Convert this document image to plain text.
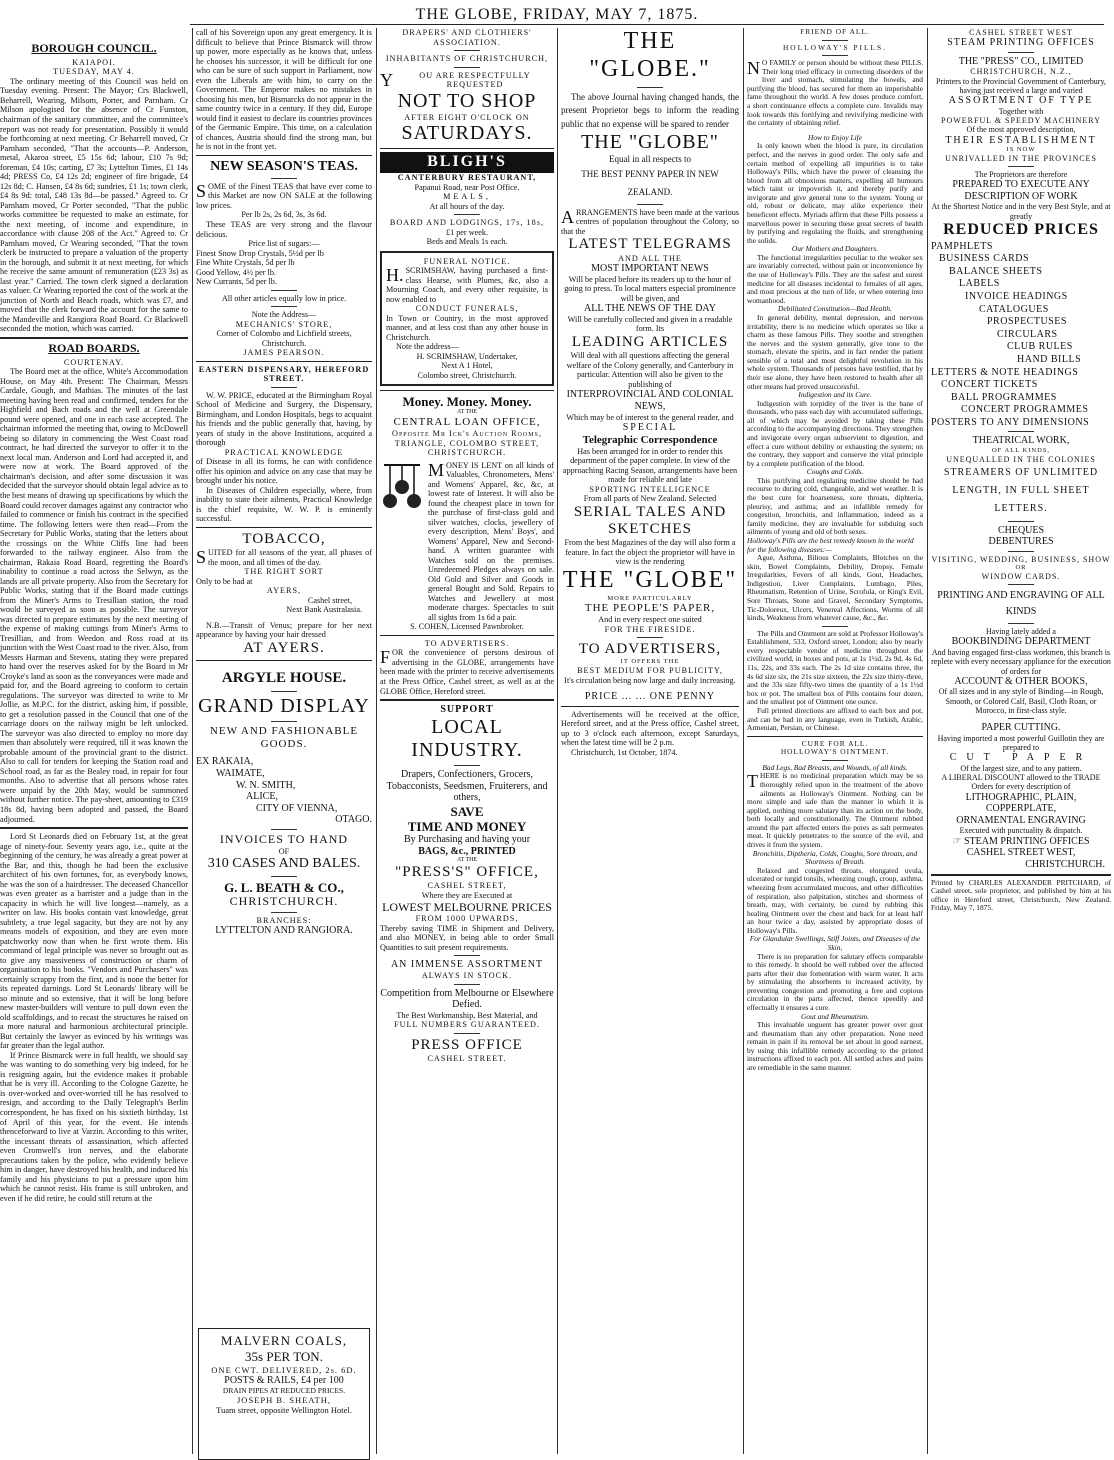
THE GLOBE, FRIDAY, MAY 7, 1875.
BOROUGH COUNCIL.

KAIAPOI.

TUESDAY, MAY 4.

The ordinary meeting of this Council was held on Tuesday evening. Present: The Mayor; Crs Blackwell, Beharrell, Wearing, Milsom, Porter, and Parnham. Cr Milson apologised for the absence of Cr Funston, chairman of the sanitary committee, and the committee's report was not ready for presentation. Possibly it would be forthcoming at next meeting. Cr Beharrell moved, Cr Parnham seconded, "That the accounts—P. Anderson, metal, Akaroa street, £5 15s 6d; labour, £10 7s 9d; foreman, £4 10s; carting, £7 3s; Lyttelton Times, £1 14s 4d; PRESS Co, £4 12s 2d; engineer of fire brigade, £4 12s 8d; C. Hansen, £4 8s 6d; sundries, £1 1s; town clerk, £4 8s 9d: total, £48 13s 8d—be passed." Agreed to. Cr Parnham moved, Cr Porter seconded, "That the public works committee be requested to make an estimate, for the next meeting, of income and expenditure, in accordance with clause 208 of the Act." Agreed to. Cr Parnham moved, Cr Wearing seconded, "That the town clerk be instructed to prepare a valuation of the property in the borough, and submit it at next meeting, for which he receive the same amount of remuneration (£23 3s) as last year." Carried. The town clerk signed a declaration as valuer. Cr Wearing reported the cost of the work at the junction of North and Beach roads, which was £7, and moved that the clerk forward the account for the same to the Mandeville and Rangiora Road Board. Cr Blackwell seconded the motion, which was carried.

ROAD BOARDS.

COURTENAY.

The Board met at the office, White's Accommodation House, on May 4th. Present: The Chairman, Messrs Cardale, Gough, and Mathias. The minutes of the last meeting having been read and confirmed, tenders for the Highfield and Bach roads and the well at Greendale pound were opened, and one in each case accepted. The chairman informed the meeting that, owing to McDowell being so dilatory in commencing the West Coast road contract, he had directed the surveyor to offer it to the next local man. Anderson and Lord had accepted it, and were now at work. The Board approved of the chairman's decision, and after some discussion it was decided that the surveyor should obtain legal advice as to the best means of drawing up specifications by which the Board could recover damages against any contractor who failed to commence or finish his contract in the specified time. The following letters were then read—From the Secretary for Public Works, stating that the letters about the crossings on the White Cliffs line had been forwarded to the railway engineer. Also from the chairman, Rakaia Road Board, regretting the Board's inability to continue a road across the Selwyn, as the lands are all private property. Also from the Secretary for Public Works, stating that if the Board made cuttings from the Miner's Arms to Tresillian station, the road would be surveyed as soon as possible. The surveyor was directed to prepare estimates by the next meeting of the expense of making cuttings from Miner's Arms to Tresillian, and from Weedon and Ross road at its junction with the West Coast road to the river. Also, from Messrs Harman and Stevens, stating they were prepared to hand over the reserves asked for by the Board in Mr Croyke's land as soon as the conveyances were made and paid for, and the Board agreeing to conform to certain regulations. The surveyor was directed to write to Mr Jollie, as M.P.C. for the district, asking him, if possible, to get a resolution passed in the Council that one of the carriage doors on the railway might be left unlocked. The surveyor was also directed to employ no more day men than absolutely were required, till it was known the probable amount of the provincial grant to the district. Also to call for tenders for keeping the Station road and School road, as far as the Bealey road, in repair for four months. Also to advertise that all persons whose rates were unpaid by the 20th May, would be summoned without further notice. The pay-sheet, amounting to £319 18s 8d, having been adopted and passed, the Board adjourned.

Lord St Leonards died on February 1st, at the great age of ninety-four. Seventy years ago, i.e., quite at the beginning of the century, he was already a great power at the Bar, and this, though he had been the exclusive architect of his own fortunes, for, as everybody knows, he was the son of a hairdresser. The deceased Chancellor was even greater as a barrister and a judge than in the capacity in which he will live longest—namely, as a writer on law. His books contain vast knowledge, great subtlety, a true legal sagacity, but they are not by any means models of exposition, and they are even more patchworky now than when he first wrote them. His command of legal principle was never so brought out as to give any massiveness of construction or charm of organisation to his books. "Vendors and Purchasers" was certainly scrappy from the first, and is none the better for its repeated darnings. Lord St Leonards' library will be so minute and so extensive, that it will be long before new master-builders will venture to pull down even the old scaffoldings, and to recast the structures he raised on a more natural and harmonious architectural principle. But certainly the lawyer as evinced by his writings was far greater than the legal author.

If Prince Bismarck were in full health, we should say he was wanting to do something very big indeed, for he is resigning again, but the evidence makes it probable that he is very ill. According to the Cologne Gazette, he is over-worked and over-worried till he has resolved to resign, and according to the Daily Telegraph's Berlin correspondent, he has fixed on his sixtieth birthday, 1st of April of this year, for the event. He intends thenceforward to live at Varzin. According to this writer, the incessant threats of assassination, which affected even Cromwell's iron nerves, and the elaborate precautions taken by the police, who evidently believe him in danger, have destroyed his health, and induced his family and his physicians to put a pressure upon him which he cannot resist. His frame is still unbroken, and even if he did retire, he could still return at the

call of his Sovereign upon any great emergency. It is difficult to believe that Prince Bismarck will throw up power, more especially as he knows that, unless he chooses his successor, it will be difficult for one who can be sure of such support in Parliament, now even the Liberals are with him, to carry on the Government. The Emperor makes no mistakes in choosing his men, but Bismarcks do not appear in the same country twice in a century. If they did, Europe would find it easiest to declare its countries provinces of the Germanic Empire. This time, on a calculation of chances, Austria should find the strong man, but he is not in the front yet.

NEW SEASON'S TEAS.

SOME of the Finest TEAS that have ever come to this Market are now ON SALE at the following low prices.

Per lb 2s, 2s 6d, 3s, 3s 6d.

These TEAS are very strong and the flavour delicious.

Price list of sugars:—

Finest Snow Drop Crystals, 5½d per lb

Fine White Crystals, 5d per lb

Good Yellow, 4½ per lb.

New Currants, 5d per lb.

All other articles equally low in price.

Note the Address—

MECHANICS' STORE,

Corner of Colombo and Lichfield streets, Christchurch.

JAMES PEARSON.

EASTERN DISPENSARY, HEREFORD STREET.

W. W. PRICE, educated at the Birmingham Royal School of Medicine and Surgery, the Dispensary, Birmingham, and London Hospitals, begs to acquaint his friends and the public generally that, having, by years of study in the above Institutions, acquired a thorough

PRACTICAL KNOWLEDGE

of Disease in all its forms, he can with confidence offer his opinion and advice on any case that may be brought under his notice.

In Diseases of Children especially, where, from inability to state their ailments, Practical Knowledge is the chief requisite, W. W. P. is eminently successful.

TOBACCO,

SUITED for all seasons of the year, all phases of the moon, and all times of the day.

THE RIGHT SORT

Only to be had at

AYERS,

Cashel street,

Next Bank Australasia.

N.B.—Transit of Venus; prepare for her next appearance by having your hair dressed

AT AYERS.

ARGYLE HOUSE.

GRAND DISPLAY

NEW AND FASHIONABLE

GOODS.

EX RAKAIA,

WAIMATE,

W. N. SMITH,

ALICE,

CITY OF VIENNA,

OTAGO.

INVOICES TO HAND

OF

310 CASES AND BALES.

G. L. BEATH & CO.,

CHRISTCHURCH.

BRANCHES:

LYTTELTON AND RANGIORA.

DRAPERS' AND CLOTHIERS'

ASSOCIATION.

INHABITANTS OF CHRISTCHURCH,

YOU ARE RESPECTFULLY REQUESTED

NOT TO SHOP

AFTER EIGHT O'CLOCK ON

SATURDAYS.

BLIGH'S

CANTERBURY RESTAURANT,

Papanui Road, near Post Office.

MEALS,

At all hours of the day.

BOARD AND LODGINGS, 17s, 18s,

£1 per week.

Beds and Meals 1s each.

FUNERAL NOTICE.

H.SCRIMSHAW, having purchased a first-class Hearse, with Plumes, &c, also a Mourning Coach, and every other requisite, is now enabled to

CONDUCT FUNERALS,

In Town or Country, in the most approved manner, and at less cost than any other house in Christchurch.

Note the address—

H. SCRIMSHAW, Undertaker,

Next A 1 Hotel,

Colombo street, Christchurch.

Money. Money. Money.

AT THE

CENTRAL LOAN OFFICE,

Opposite Mr Ick's Auction Rooms, TRIANGLE, COLOMBO STREET, CHRISTCHURCH.

MONEY IS LENT on all kinds of Valuables, Chronometers, Mens' and Womens' Apparel, &c, &c, at lowest rate of Interest. It will also be found the cheapest place in town for the purchase of first-class gold and silver watches, clocks, jewellery of every description, Mens' Boys', and Womens' Apparel, New and Second-hand. A written guarantee with Watches sold on the premises. Unredeemed Pledges always on sale. Old Gold and Silver and Goods in general Bought and Sold. Repairs to Watches and Jewellery at most moderate charges. Spectacles to suit all sights from 1s 6d a pair.

S. COHEN, Licensed Pawnbroker.

TO ADVERTISERS.

FOR the convenience of persons desirous of advertising in the GLOBE, arrangements have been made with the printer to receive advertisements at the Press Office, Cashel street, as well as at the GLOBE Office, Hereford street.

SUPPORT

LOCAL INDUSTRY.

Drapers, Confectioners, Grocers, Tobacconists, Seedsmen, Fruiterers, and others,

SAVE

TIME AND MONEY

By Purchasing and having your

BAGS, &c., PRINTED

AT THE

"PRESS'S" OFFICE,

CASHEL STREET,

Where they are Executed at

LOWEST MELBOURNE PRICES

FROM 1000 UPWARDS,

Thereby saving TIME in Shipment and Delivery, and also MONEY, in being able to order Small Quantities to suit present requirements.

AN IMMENSE ASSORTMENT

ALWAYS IN STOCK.

Competition from Melbourne or Elsewhere Defied.

The Best Workmanship, Best Material, and

FULL NUMBERS GUARANTEED.

PRESS OFFICE

CASHEL STREET.

MALVERN COALS,

35s PER TON.

ONE CWT. DELIVERED, 2s. 6D.

POSTS & RAILS, £4 per 100

DRAIN PIPES AT REDUCED PRICES.

JOSEPH B. SHEATH,

Tuam street, opposite Wellington Hotel.

THE "GLOBE."

The above Journal having changed hands, the present Proprietor begs to inform the reading public that no expense will be spared to render

THE "GLOBE"

Equal in all respects to

THE BEST PENNY PAPER IN NEW ZEALAND.

ARRANGEMENTS have been made at the various centres of population throughout the Colony, so that the

LATEST TELEGRAMS

AND ALL THE

MOST IMPORTANT NEWS

Will be placed before its readers up to the hour of going to press. To local matters especial prominence will be given, and

ALL THE NEWS OF THE DAY

Will be carefully collected and given in a readable form. Its

LEADING ARTICLES

Will deal with all questions affecting the general welfare of the Colony generally, and Canterbury in particular. Attention will also be given to the publishing of

INTERPROVINCIAL AND COLONIAL NEWS,

Which may be of interest to the general reader, and

SPECIAL

Telegraphic Correspondence

Has been arranged for in order to render this department of the paper complete. In view of the approaching Racing Season, arrangements have been made for reliable and late

SPORTING INTELLIGENCE

From all parts of New Zealand. Selected

SERIAL TALES AND SKETCHES

From the best Magazines of the day will also form a feature. In fact the object the proprietor will have in view is the rendering

THE "GLOBE"

MORE PARTICULARLY

THE PEOPLE'S PAPER,

And in every respect one suited

FOR THE FIRESIDE.

TO ADVERTISERS,

IT OFFERS THE

BEST MEDIUM FOR PUBLICITY,

It's circulation being now large and daily increasing.

PRICE ... ... ONE PENNY

Advertisements will be received at the office, Hereford street, and at the Press office, Cashel street, up to 3 o'clock each afternoon, except Saturdays, when the latest time will be 2 p.m.

Christchurch, 1st October, 1874.

FRIEND OF ALL.

HOLLOWAY'S PILLS.

NO FAMILY or person should be without these PILLS. Their long tried efficacy in correcting disorders of the liver and stomach, stimulating the bowels, and purifying the blood, has secured for them an imperishable fame throughout the world. A few doses produce comfort, a short continuance effects a complete cure. Invalids may look towards this fortifying and revivifying medicine with the certainty of obtaining relief.

How to Enjoy Life

Is only known when the blood is pure, its circulation perfect, and the nerves in good order. The only safe and certain method of expelling all impurities is to take Holloway's Pills, which have the power of cleansing the blood from all obnoxious matters, expelling all humours which taint or impoverish it, and thereby purify and invigorate and give general tone to the system. Young or old, robust or delicate, may alike experience their beneficent effects. Myriads affirm that these Pills possess a marvellous power in securing these great secrets of health by purifying and regulating the fluids, and strengthening the solids.

Our Mothers and Daughters.

The functional irregularities peculiar to the weaker sex are invariably corrected, without pain or inconvenience by the use of Holloway's Pills. They are the safest and surest medicine for all diseases incidental to females of all ages, and most precious at the turn of life, or when entering into womanhood.

Debilitated Constitution—Bad Health.

In general debility, mental depression, and nervous irritability, there is no medicine which operates so like a charm as these famous Pills. They soothe and strengthen the nerves and the system generally, give tone to the stomach, elevate the spirits, and in fact render the patient sensible of a total and most delightful revolution in his whole system. Thousands of persons have testified, that by their use alone, they have been restored to health after all other means had proved unsuccessful.

Indigestion and its Cure.

Indigestion with torpidity of the liver is the bane of thousands, who pass each day with accumulated sufferings, all of which may be avoided by taking these Pills according to the accompanying directions. They strengthen and invigorate every organ subservient to digestion, and effect a cure without debility or exhausting the system; on the contrary, they support and conserve the vital principle by a complete purification of the blood.

Coughs and Colds.

This purifying and regulating medicine should be had recourse to during cold, changeable, and wet weather. It is the best cure for hoarseness, sore throats, diphteria, pleurisy, and asthma; and an infallible remedy for congestion, bronchitis, and inflammation, indeed as a family medicine, they are invaluable for subduing such ailments of young and old of both sexes.

Holloway's Pills are the best remedy known in the world for the following diseases:—

Ague, Asthma, Bilious Complaints, Blotches on the skin, Bowel Complaints, Debility, Dropsy, Female Irregularities, Fevers of all kinds, Gout, Headaches, Indigestion, Liver Complaints, Lumbago, Piles, Rheumatism, Retention of Urine, Scrofula, or King's Evil, Sore Throats, Stone and Gravel, Secondary Symptoms, Tic-Doloreux, Ulcers, Venereal Affections, Worms of all kinds, Weakness from whatever cause, &c., &c.

The Pills and Ointment are sold at Professor Holloway's Establishment, 533, Oxford street, London; also by nearly every respectable vendor of medicine throughout the civilized world, in boxes and pots, at 1s 1½d, 2s 9d, 4s 6d, 11s, 22s, and 33s each. The 2s 1d size contains three, the 4s 6d size six, the 21s size sixteen, the 22s size thirty-three, and the 33s size fifty-two times the quantity of a 1s 1½d box or pot. The smallest box of Pills contains four dozen, and the smallest pot of Ointment one ounce.

Full printed directions are affixed to each box and pot, and can be had in any language, even in Turkish, Arabic, Armenian, Persian, or Chinese.

CURE FOR ALL.

HOLLOWAY'S OINTMENT.

Bad Legs, Bad Breasts, and Wounds, of all kinds.

THERE is no medicinal preparation which may be so thoroughly relied upon in the treatment of the above ailments as Holloway's Ointment. Nothing can be more simple and safe than the manner in which it is applied, nothing more salutary than its action on the body, both locally and constitutionally. The Ointment rubbed around the part affected enters the pores as salt permeates meat. It quickly penetrates to the source of the evil, and drives it from the system.

Bronchitis, Diptheria, Colds, Coughs, Sore throats, and Shortness of Breath.

Relaxed and congested throats, elongated uvula, ulcerated or turgid tonsils, wheezing cough, croup, asthma, wheezing from accumulated mucous, and other difficulties of respiration, also palpitation, stitches and shortness of breath, may, with certainty, be cured by rubbing this healing Ointment over the chest and back for at least half an hour twice a day, assisted by appropriate doses of Holloway's Pills.

For Glandular Swellings, Stiff Joints, and Diseases of the Skin,

There is no preparation for salutary effects comparable to this remedy. It should be well rubbed over the affected parts after their due fomentation with warm water. It acts by stimulating the absorbents to increased activity, by preventing congestion and promoting a free and copious circulation in the parts affected, thence speedily and effectually it ensures a cure.

Gout and Rheumatism.

This invaluable unguent has greater power over gout and rheumatism than any other preparation. None need remain in pain if its removal be set about in good earnest, by using this infallible remedy according to the printed instructions affixed to each pot. All settled aches and pains are remediable in the same manner.

CASHEL STREET WEST

STEAM PRINTING OFFICES

THE "PRESS" CO., LIMITED

CHRISTCHURCH, N.Z.,

Printers to the Provincial Government of Canterbury, having just received a large and varied

ASSORTMENT OF TYPE

Together with

POWERFUL & SPEEDY MACHINERY

Of the most approved description,

THEIR ESTABLISHMENT

IS NOW

UNRIVALLED IN THE PROVINCES

The Proprietors are therefore

PREPARED TO EXECUTE ANY

DESCRIPTION OF WORK

At the Shortest Notice and in the very Best Style, and at greatly

REDUCED PRICES

PAMPHLETS

BUSINESS CARDS

BALANCE SHEETS

LABELS

INVOICE HEADINGS

CATALOGUES

PROSPECTUSES

CIRCULARS

CLUB RULES

HAND BILLS

LETTERS & NOTE HEADINGS

CONCERT TICKETS

BALL PROGRAMMES

CONCERT PROGRAMMES

POSTERS TO ANY DIMENSIONS

THEATRICAL WORK,

OF ALL KINDS,

UNEQUALLED IN THE COLONIES

STREAMERS OF UNLIMITED LENGTH, IN FULL SHEET LETTERS.

CHEQUES

DEBENTURES

VISITING, WEDDING, BUSINESS, SHOW

OR

WINDOW CARDS.

PRINTING AND ENGRAVING OF ALL KINDS

Having lately added a

BOOKBINDING DEPARTMENT

And having engaged first-class workmen, this branch is replete with every necessary appliance for the execution of orders for

ACCOUNT & OTHER BOOKS,

Of all sizes and in any style of Binding—in Rough, Smooth, or Colored Calf, Basil, Cloth Roan, or Morocco, in first-class style.

PAPER CUTTING.

Having imported a most powerful Guillotin they are prepared to

CUT PAPER

Of the largest size, and to any pattern.

A LIBERAL DISCOUNT allowed to the TRADE

Orders for every description of

LITHOGRAPHIC, PLAIN,

COPPERPLATE,

ORNAMENTAL ENGRAVING

Executed with punctuality & dispatch.

☞ STEAM PRINTING OFFICES

CASHEL STREET WEST,

CHRISTCHURCH.

Printed by CHARLES ALEXANDER PRITCHARD, of Cashel street, sole proprietor, and published by him at his office in Hereford street, Christchurch, New Zealand. Friday, May 7, 1875.
